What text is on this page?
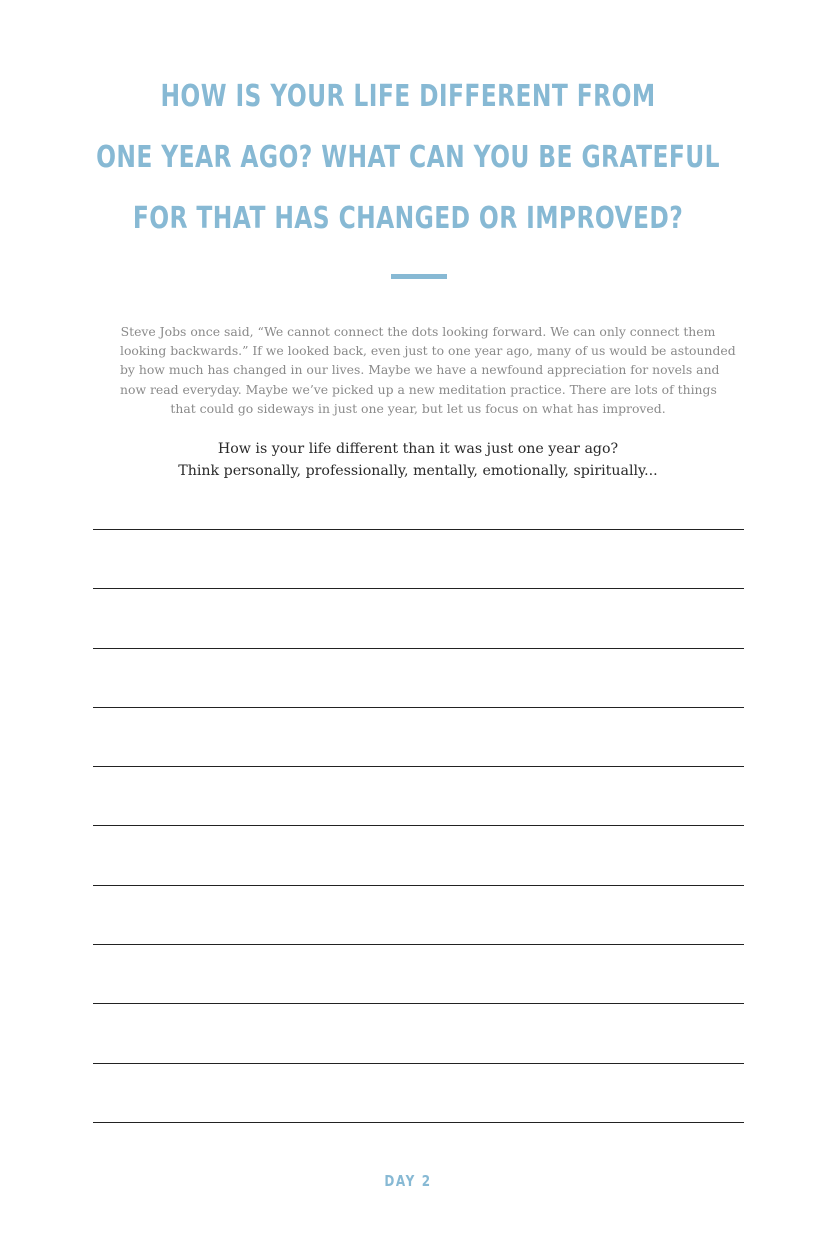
HOW IS YOUR LIFE DIFFERENT FROM
ONE YEAR AGO? WHAT CAN YOU BE GRATEFUL
FOR THAT HAS CHANGED OR IMPROVED?

Steve Jobs once said, “We cannot connect the dots looking forward. We can only connect them
looking backwards.” If we looked back, even just to one year ago, many of us would be astounded
by how much has changed in our lives. Maybe we have a newfound appreciation for novels and
now read everyday. Maybe we’ve picked up a new meditation practice. There are lots of things
that could go sideways in just one year, but let us focus on what has improved.

How is your life different than it was just one year ago?
Think personally, professionally, mentally, emotionally, spiritually...

DAY 2
